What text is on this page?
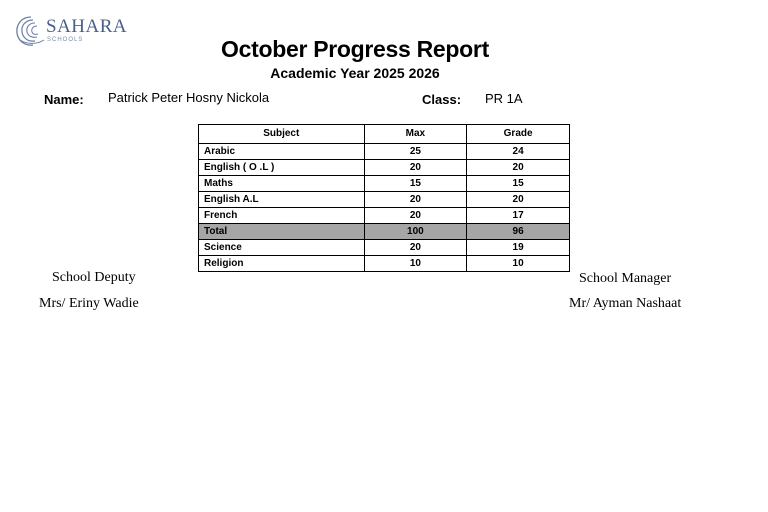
SAHARA
SCHOOLS	October Progress Report
Academic Year 2025 2026
Name: Patrick Peter Hosny Nickola	Class: PR 1A
Subject	Max	Grade
Arabic	25	24
English ( O .L )	20	20
Maths	15	15
English A.L	20	20
French	20	17
Total	100	96
Science	20	19
Religion	10	10
School Deputy
Mrs/ Eriny Wadie
School Manager
Mr/ Ayman Nashaat
